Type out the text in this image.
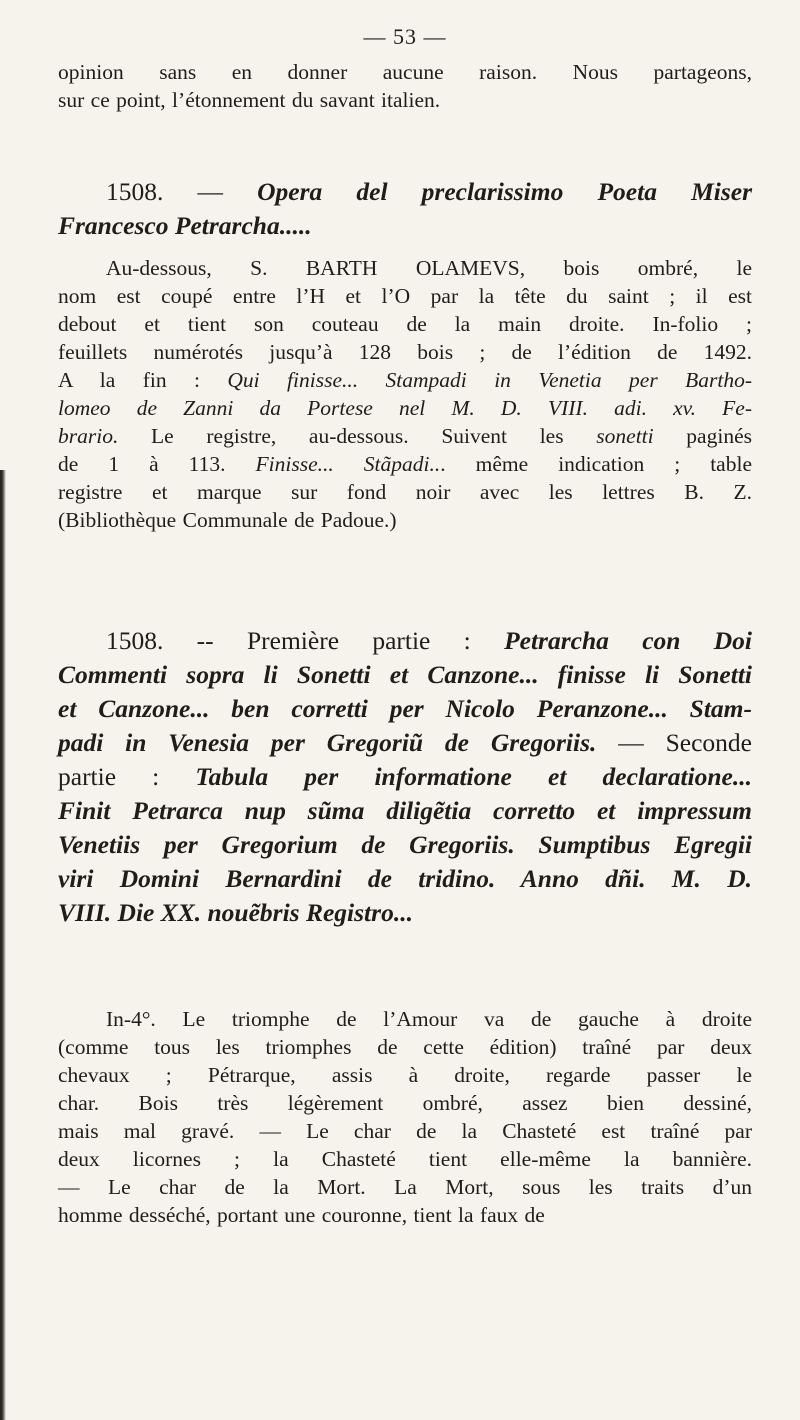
— 53 —
opinion sans en donner aucune raison. Nous partageons,
sur ce point, l’étonnement du savant italien.
1508. — Opera del preclarissimo Poeta Miser
Francesco Petrarcha.....
Au-dessous, S. BARTH OLAMEVS, bois ombré, le
nom est coupé entre l’H et l’O par la tête du saint ; il est
debout et tient son couteau de la main droite. In-folio ;
feuillets numérotés jusqu’à 128 bois ; de l’édition de 1492.
A la fin : Qui finisse... Stampadi in Venetia per Bartho-
lomeo de Zanni da Portese nel M. D. VIII. adi. xv. Fe-
brario. Le registre, au-dessous. Suivent les sonetti paginés
de 1 à 113. Finisse... Stãpadi... même indication ; table
registre et marque sur fond noir avec les lettres B. Z.
(Bibliothèque Communale de Padoue.)
1508. -- Première partie : Petrarcha con Doi
Commenti sopra li Sonetti et Canzone... finisse li Sonetti
et Canzone... ben corretti per Nicolo Peranzone... Stam-
padi in Venesia per Gregoriũ de Gregoriis. — Seconde
partie : Tabula per informatione et declaratione...
Finit Petrarca nup sũma diligẽtia corretto et impressum
Venetiis per Gregorium de Gregoriis. Sumptibus Egregii
viri Domini Bernardini de tridino. Anno dñi. M. D.
VIII. Die XX. nouẽbris Registro...
In-4°. Le triomphe de l’Amour va de gauche à droite
(comme tous les triomphes de cette édition) traîné par deux
chevaux ; Pétrarque, assis à droite, regarde passer le
char. Bois très légèrement ombré, assez bien dessiné,
mais mal gravé. — Le char de la Chasteté est traîné par
deux licornes ; la Chasteté tient elle-même la bannière.
— Le char de la Mort. La Mort, sous les traits d’un
homme desséché, portant une couronne, tient la faux de
